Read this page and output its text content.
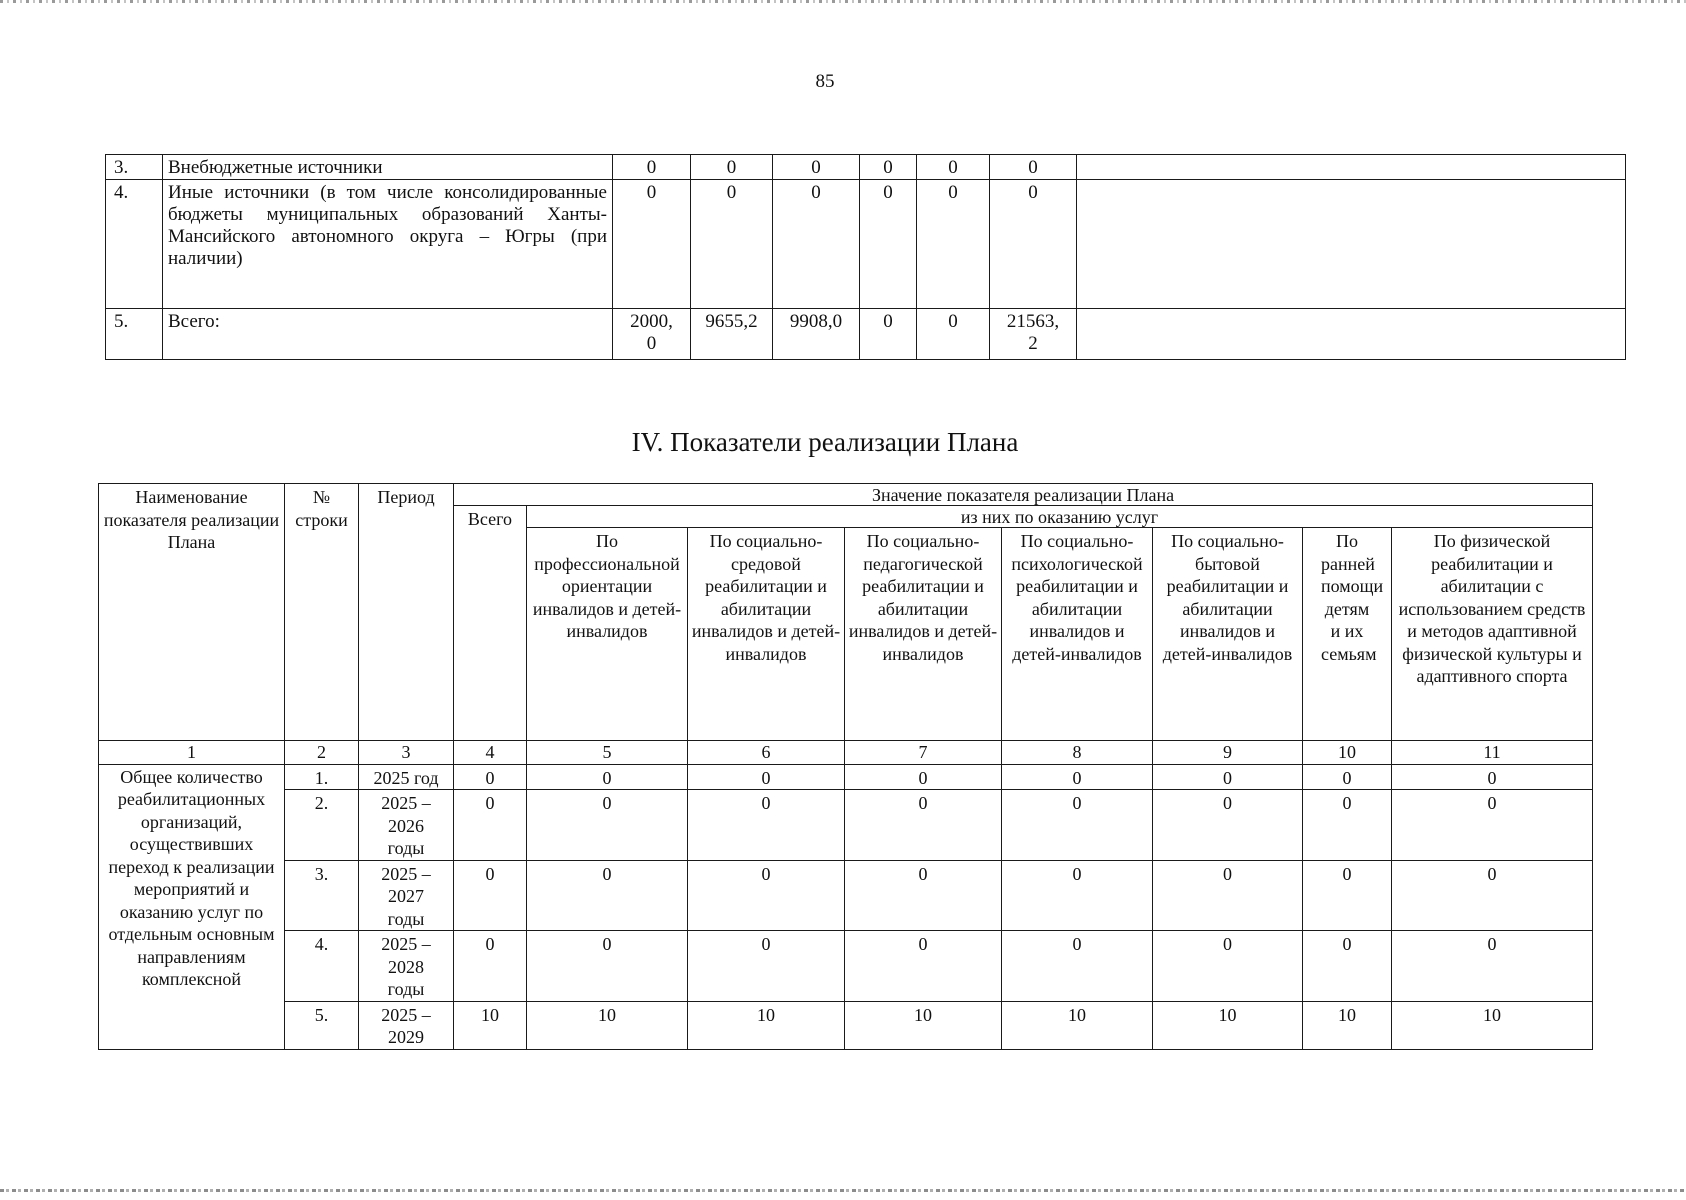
85
3.	Внебюджетные источники	0	0	0	0	0	0	
4.	Иные источники (в том числе консолидированные бюджеты муниципальных образований Ханты-Мансийского автономного округа – Югры (при наличии)	0	0	0	0	0	0	
5.	Всего:	2000,0	9655,2	9908,0	0	0	21563,2	

IV. Показатели реализации Плана
Наименование показателя реализации Плана	№ строки	Период	Значение показателя реализации Плана							
			Всего	из них по оказанию услуг						
				По профессиональной ориентации инвалидов и детей-инвалидов	По социально-средовой реабилитации и абилитации инвалидов и детей-инвалидов	По социально-педагогической реабилитации и абилитации инвалидов и детей-инвалидов	По социально-психологической реабилитации и абилитации инвалидов и детей-инвалидов	По социально-бытовой реабилитации и абилитации инвалидов и детей-инвалидов	По ранней помощи детям и их семьям	По физической реабилитации и абилитации с использованием средств и методов адаптивной физической культуры и адаптивного спорта
1	2	3	4	5	6	7	8	9	10	11
Общее количество реабилитационных организаций, осуществивших переход к реализации мероприятий и оказанию услуг по отдельным основным направлениям комплексной	1.	2025 год	0	0	0	0	0	0	0	0
	2.	2025 – 2026 годы	0	0	0	0	0	0	0	0
	3.	2025 – 2027 годы	0	0	0	0	0	0	0	0
	4.	2025 – 2028 годы	0	0	0	0	0	0	0	0
	5.	2025 – 2029	10	10	10	10	10	10	10	10
